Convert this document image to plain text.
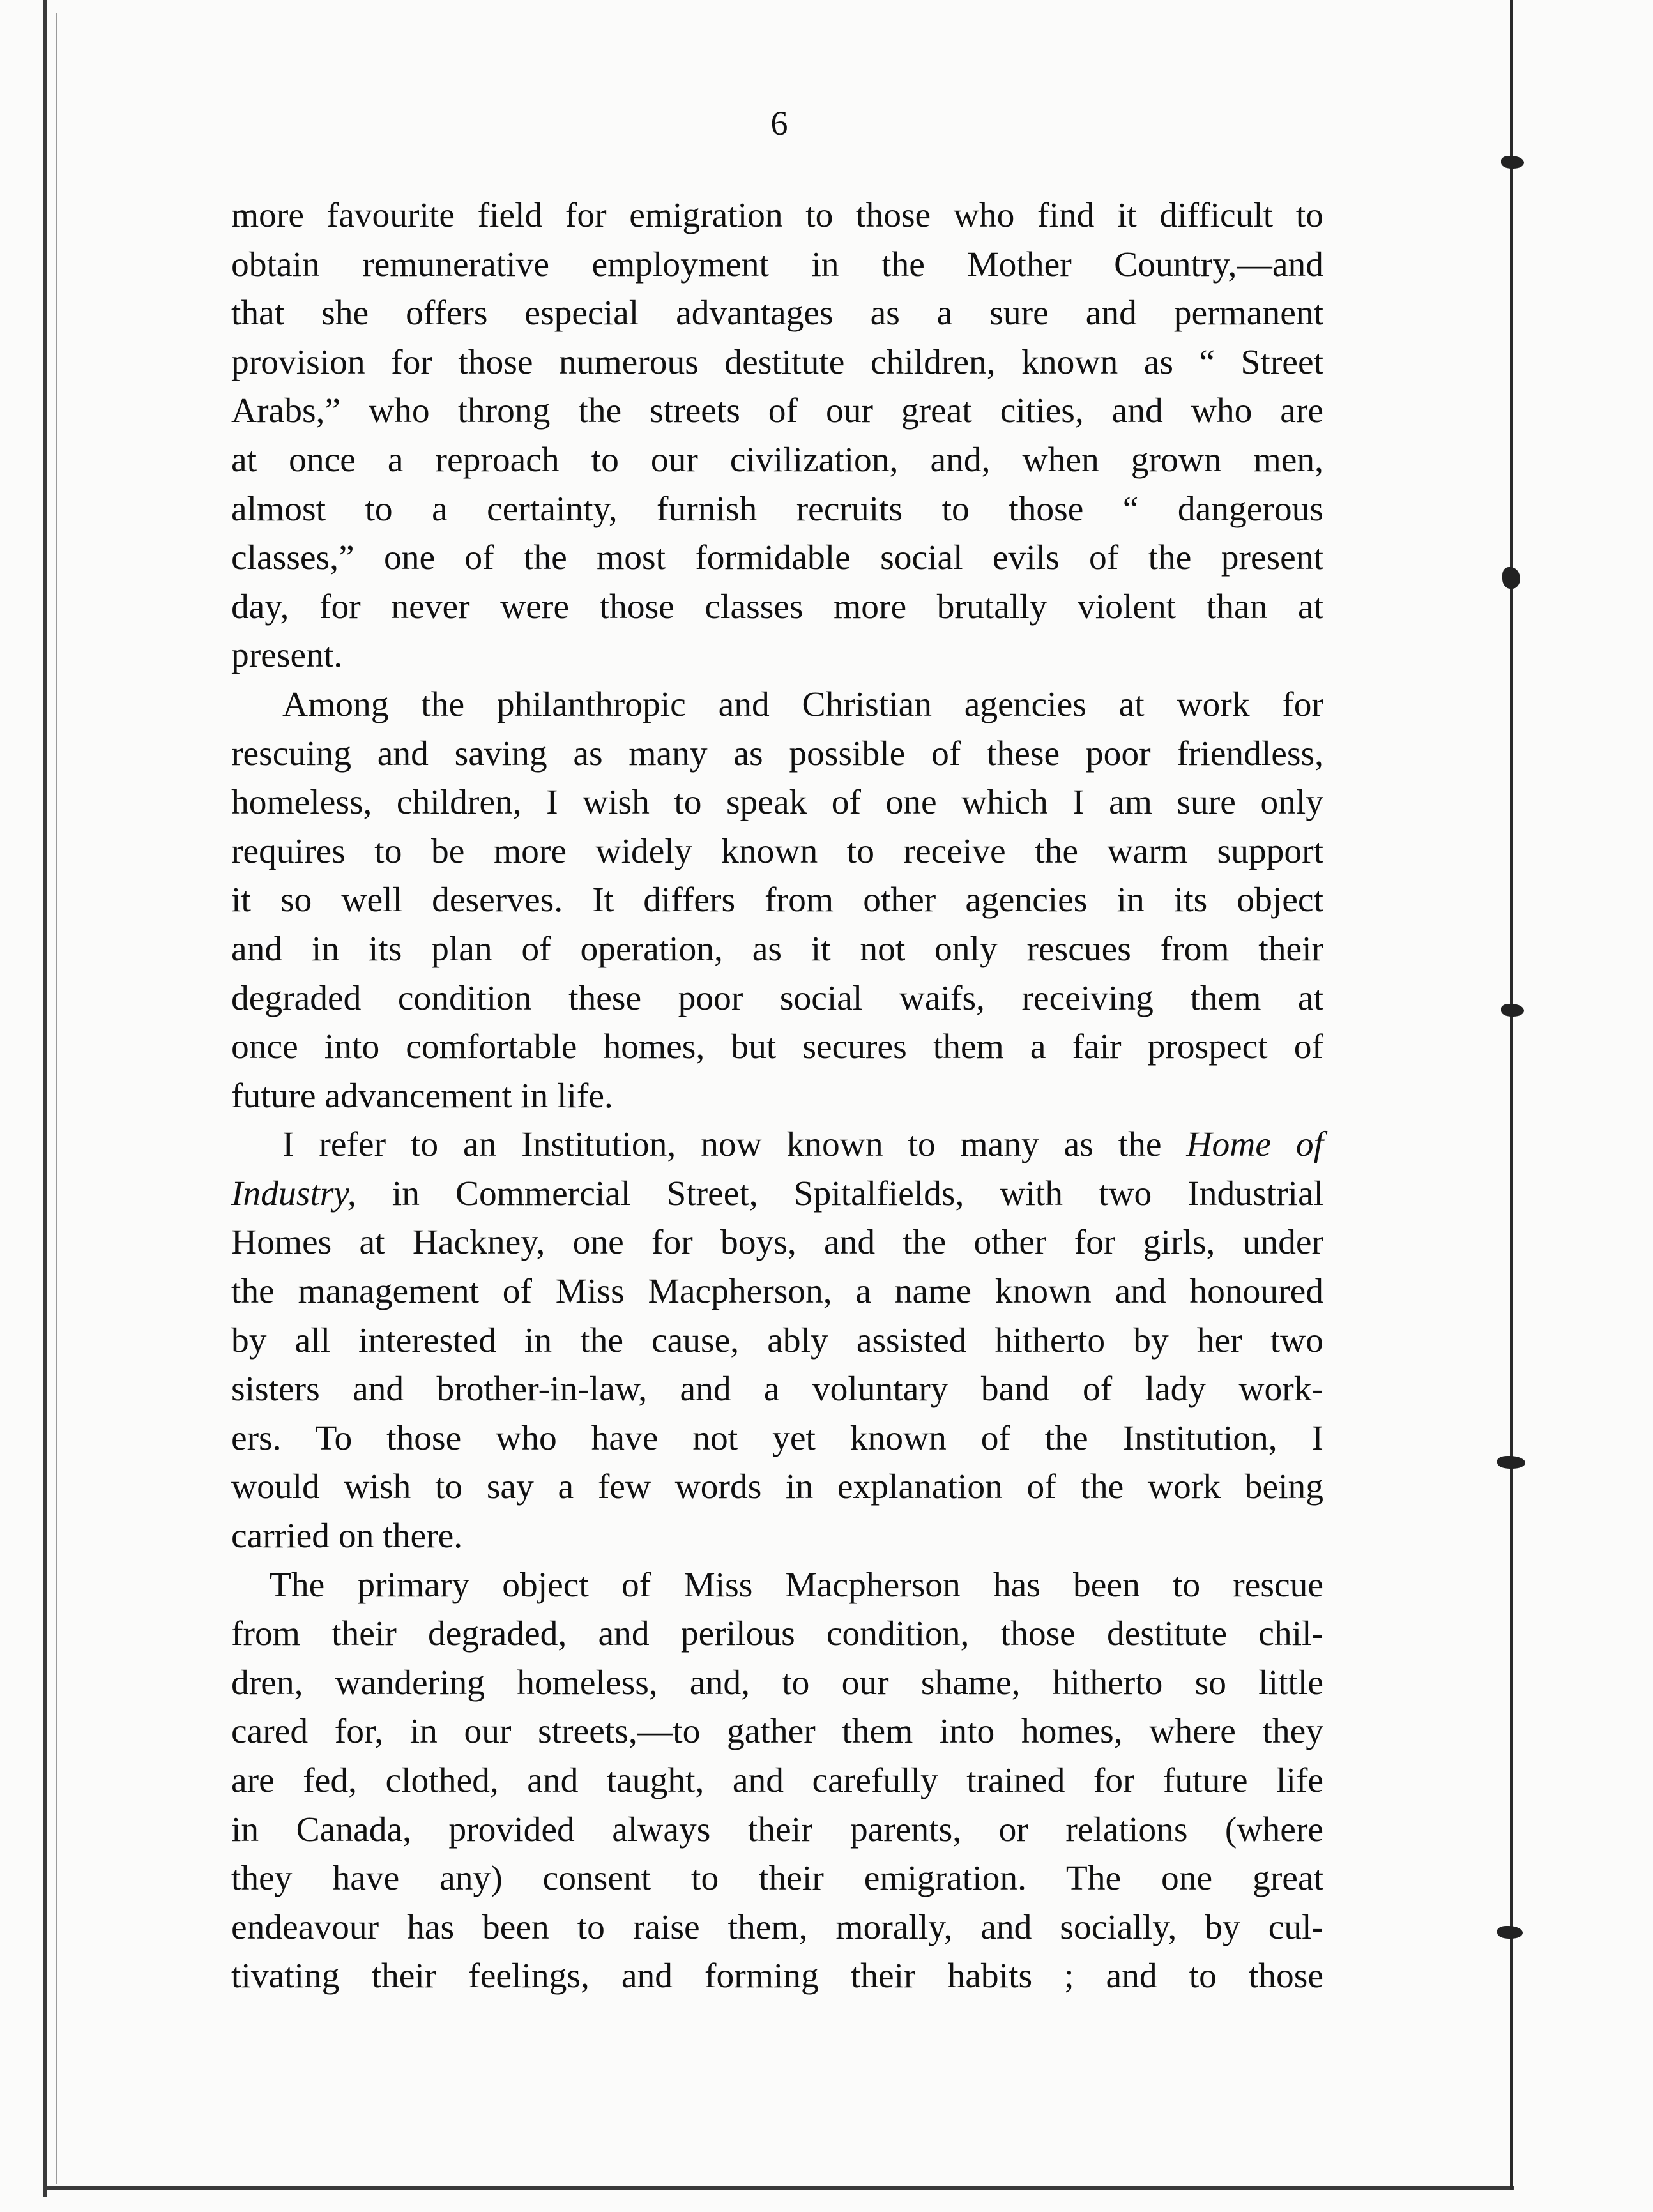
6

more favourite field for emigration to those who find it difficult to
obtain remunerative employment in the Mother Country,—and
that she offers especial advantages as a sure and permanent
provision for those numerous destitute children, known as “ Street
Arabs,” who throng the streets of our great cities, and who are
at once a reproach to our civilization, and, when grown men,
almost to a certainty, furnish recruits to those “ dangerous
classes,” one of the most formidable social evils of the present
day, for never were those classes more brutally violent than at
present.

Among the philanthropic and Christian agencies at work for
rescuing and saving as many as possible of these poor friendless,
homeless, children, I wish to speak of one which I am sure only
requires to be more widely known to receive the warm support
it so well deserves. It differs from other agencies in its object
and in its plan of operation, as it not only rescues from their
degraded condition these poor social waifs, receiving them at
once into comfortable homes, but secures them a fair prospect of
future advancement in life.

I refer to an Institution, now known to many as the Home of
Industry, in Commercial Street, Spitalfields, with two Industrial
Homes at Hackney, one for boys, and the other for girls, under
the management of Miss Macpherson, a name known and honoured
by all interested in the cause, ably assisted hitherto by her two
sisters and brother-in-law, and a voluntary band of lady work-
ers. To those who have not yet known of the Institution, I
would wish to say a few words in explanation of the work being
carried on there.

The primary object of Miss Macpherson has been to rescue
from their degraded, and perilous condition, those destitute chil-
dren, wandering homeless, and, to our shame, hitherto so little
cared for, in our streets,—to gather them into homes, where they
are fed, clothed, and taught, and carefully trained for future life
in Canada, provided always their parents, or relations (where
they have any) consent to their emigration. The one great
endeavour has been to raise them, morally, and socially, by cul-
tivating their feelings, and forming their habits ; and to those
